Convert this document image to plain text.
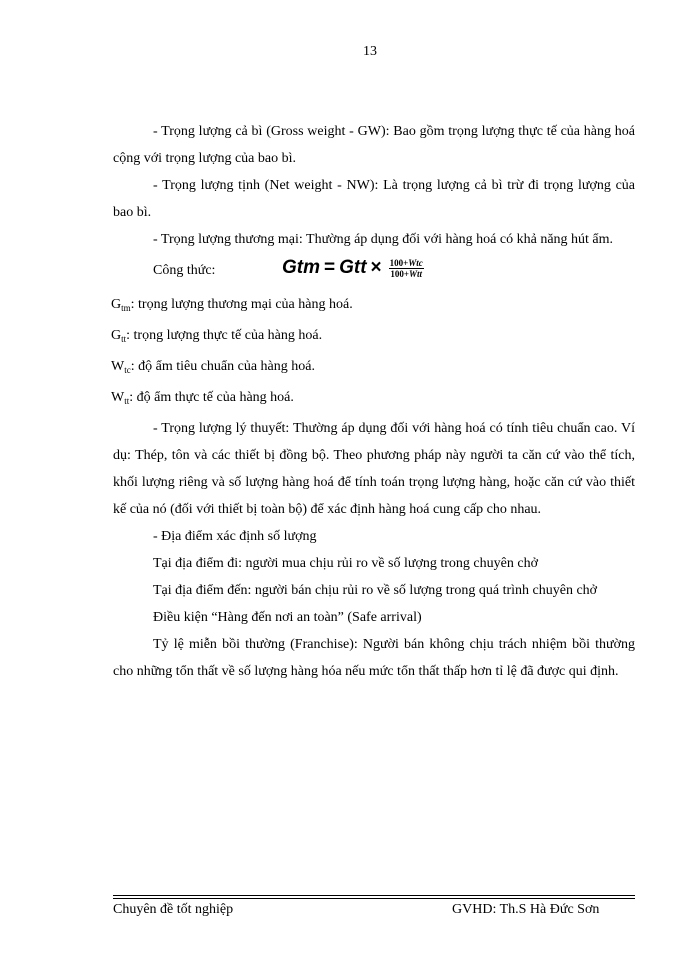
13

- Trọng lượng cả bì (Gross weight - GW): Bao gồm trọng lượng thực tế của hàng hoá cộng với trọng lượng của bao bì.

- Trọng lượng tịnh (Net weight - NW): Là trọng lượng cả bì trừ đi trọng lượng của bao bì.

- Trọng lượng thương mại: Thường áp dụng đối với hàng hoá có khả năng hút ẩm.

Công thức:	Gtm = Gtt × $\frac{\text{100+Wtc}}{\text{100+Wtt}}$

$G_{tm}$: trọng lượng thương mại của hàng hoá.

$G_{tt}$: trọng lượng thực tế của hàng hoá.

$W_{tc}$: độ ẩm tiêu chuẩn của hàng hoá.

$W_{tt}$: độ ẩm thực tế của hàng hoá.

- Trọng lượng lý thuyết: Thường áp dụng đối với hàng hoá có tính tiêu chuẩn cao. Ví dụ: Thép, tôn và các thiết bị đồng bộ. Theo phương pháp này người ta căn cứ vào thể tích, khối lượng riêng và số lượng hàng hoá để tính toán trọng lượng hàng, hoặc căn cứ vào thiết kế của nó (đối với thiết bị toàn bộ) để xác định hàng hoá cung cấp cho nhau.

- Địa điểm xác định số lượng

Tại địa điểm đi: người mua chịu rủi ro về số lượng trong chuyên chở

Tại địa điểm đến: người bán chịu rủi ro về số lượng trong quá trình chuyên chở

Điều kiện “Hàng đến nơi an toàn” (Safe arrival)

Tỷ lệ miễn bồi thường (Franchise): Người bán không chịu trách nhiệm bồi thường cho những tổn thất về số lượng hàng hóa nếu mức tổn thất thấp hơn tỉ lệ đã được qui định.

Chuyên đề tốt nghiệp	GVHD: Th.S Hà Đức Sơn
